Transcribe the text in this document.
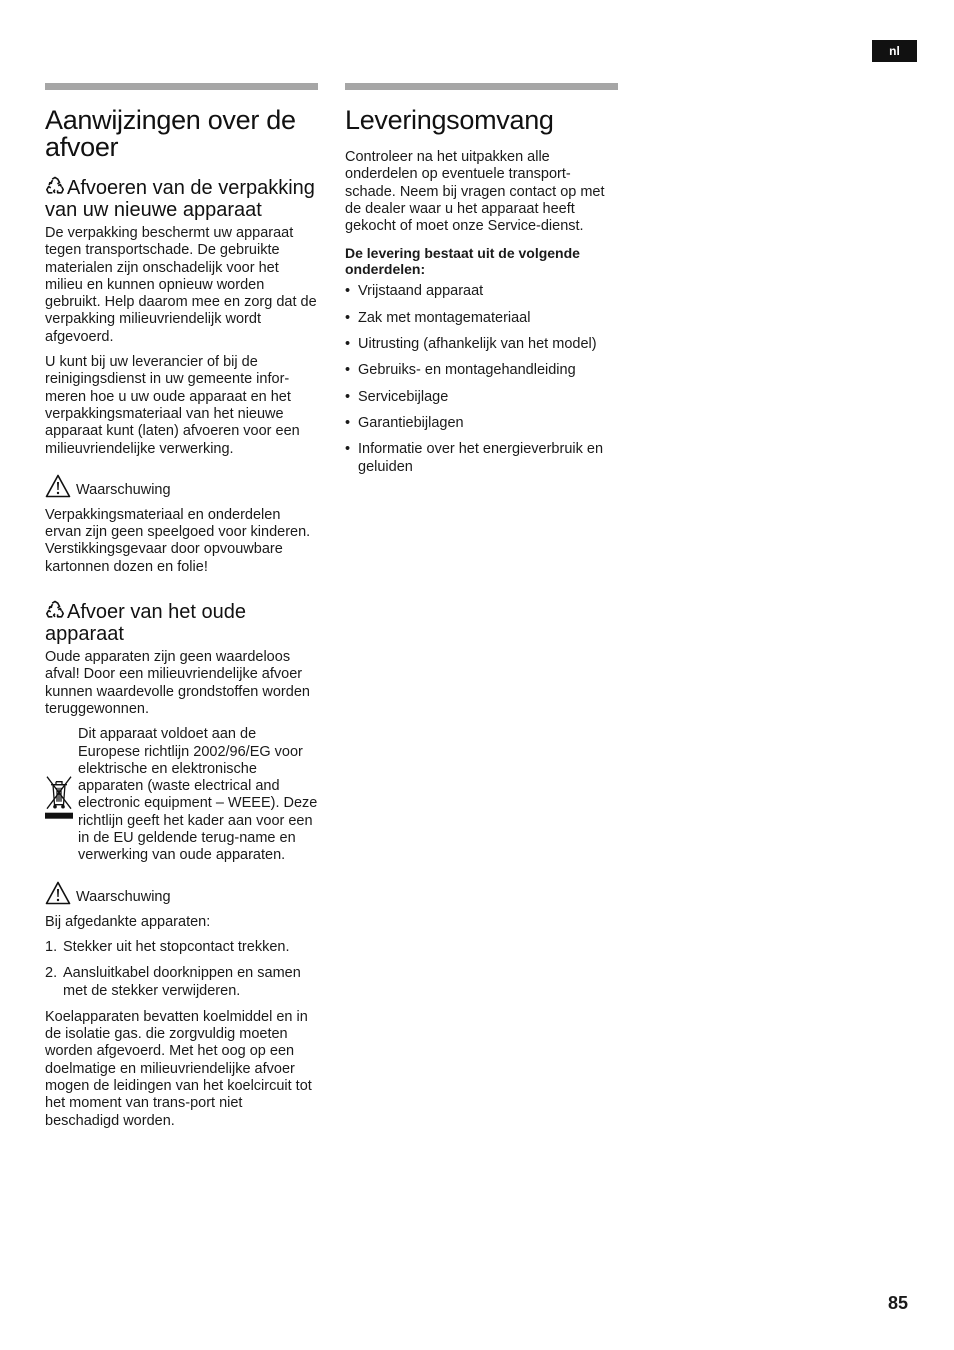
nl
Aanwijzingen over de afvoer
Afvoeren van de verpakking van uw nieuwe apparaat

De verpakking beschermt uw apparaat tegen transportschade. De gebruikte materialen zijn onschadelijk voor het milieu en kunnen opnieuw worden gebruikt. Help daarom mee en zorg dat de verpakking milieuvriendelijk wordt afgevoerd.

U kunt bij uw leverancier of bij de reinigingsdienst in uw gemeente infor-meren hoe u uw oude apparaat en het verpakkingsmateriaal van het nieuwe apparaat kunt (laten) afvoeren voor een milieuvriendelijke verwerking.

Waarschuwing

Verpakkingsmateriaal en onderdelen ervan zijn geen speelgoed voor kinderen. Verstikkingsgevaar door opvouwbare kartonnen dozen en folie!

Afvoer van het oude apparaat

Oude apparaten zijn geen waardeloos afval! Door een milieuvriendelijke afvoer kunnen waardevolle grondstoffen worden teruggewonnen.

Dit apparaat voldoet aan de Europese richtlijn 2002/96/EG voor elektrische en elektronische apparaten (waste electrical and electronic equipment – WEEE). Deze richtlijn geeft het kader aan voor een in de EU geldende terug-name en verwerking van oude apparaten.

Waarschuwing

Bij afgedankte apparaten:

1. Stekker uit het stopcontact trekken.
2. Aansluitkabel doorknippen en samen met de stekker verwijderen.

Koelapparaten bevatten koelmiddel en in de isolatie gas. die zorgvuldig moeten worden afgevoerd. Met het oog op een doelmatige en milieuvriendelijke afvoer mogen de leidingen van het koelcircuit tot het moment van trans-port niet beschadigd worden.

Leveringsomvang

Controleer na het uitpakken alle onderdelen op eventuele transport-schade. Neem bij vragen contact op met de dealer waar u het apparaat heeft gekocht of moet onze Service-dienst.

De levering bestaat uit de volgende onderdelen:

• Vrijstaand apparaat
• Zak met montagemateriaal
• Uitrusting (afhankelijk van het model)
• Gebruiks- en montagehandleiding
• Servicebijlage
• Garantiebijlagen
• Informatie over het energieverbruik en geluiden
85
